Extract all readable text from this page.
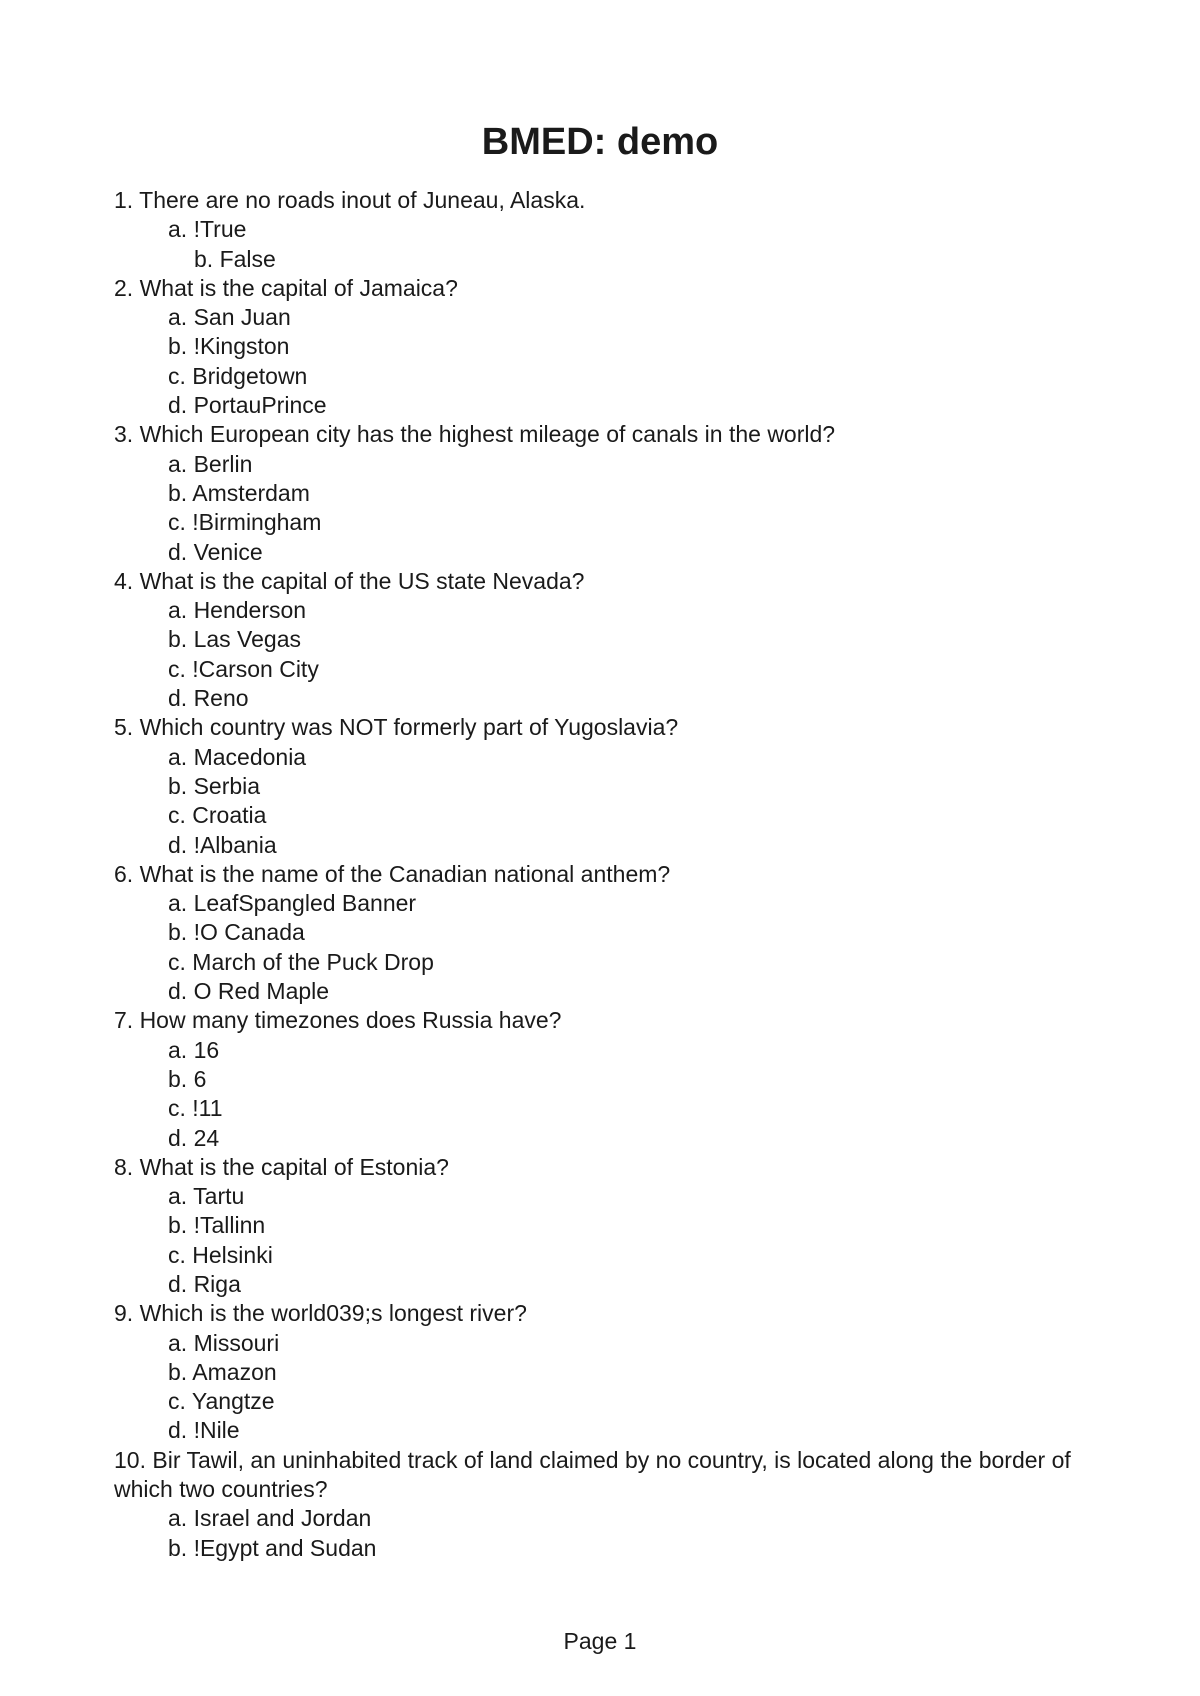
BMED: demo
1. There are no roads inout of Juneau, Alaska.
a. !True
b. False
2. What is the capital of Jamaica?
a. San Juan
b. !Kingston
c. Bridgetown
d. PortauPrince
3. Which European city has the highest mileage of canals in the world?
a. Berlin
b. Amsterdam
c. !Birmingham
d. Venice
4. What is the capital of the US state Nevada?
a. Henderson
b. Las Vegas
c. !Carson City
d. Reno
5. Which country was NOT formerly part of Yugoslavia?
a. Macedonia
b. Serbia
c. Croatia
d. !Albania
6. What is the name of the Canadian national anthem?
a. LeafSpangled Banner
b. !O Canada
c. March of the Puck Drop
d. O Red Maple
7. How many timezones does Russia have?
a. 16
b. 6
c. !11
d. 24
8. What is the capital of Estonia?
a. Tartu
b. !Tallinn
c. Helsinki
d. Riga
9. Which is the world039;s longest river?
a. Missouri
b. Amazon
c. Yangtze
d. !Nile
10. Bir Tawil, an uninhabited track of land claimed by no country, is located along the border of which two countries?
a. Israel and Jordan
b. !Egypt and Sudan
Page 1
